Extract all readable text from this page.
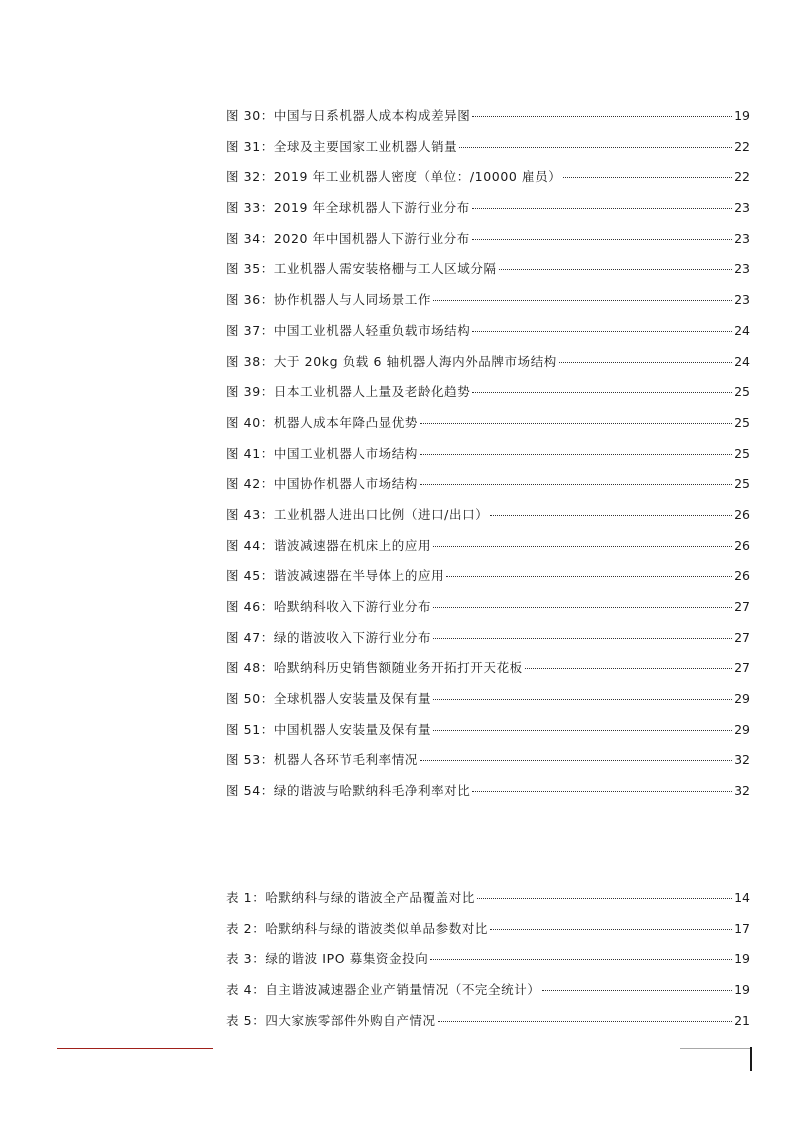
图 30：中国与日系机器人成本构成差异图	19
图 31：全球及主要国家工业机器人销量	22
图 32：2019 年工业机器人密度（单位：/10000 雇员）	22
图 33：2019 年全球机器人下游行业分布	23
图 34：2020 年中国机器人下游行业分布	23
图 35：工业机器人需安装格栅与工人区域分隔	23
图 36：协作机器人与人同场景工作	23
图 37：中国工业机器人轻重负载市场结构	24
图 38：大于 20kg 负载 6 轴机器人海内外品牌市场结构	24
图 39：日本工业机器人上量及老龄化趋势	25
图 40：机器人成本年降凸显优势	25
图 41：中国工业机器人市场结构	25
图 42：中国协作机器人市场结构	25
图 43：工业机器人进出口比例（进口/出口）	26
图 44：谐波减速器在机床上的应用	26
图 45：谐波减速器在半导体上的应用	26
图 46：哈默纳科收入下游行业分布	27
图 47：绿的谐波收入下游行业分布	27
图 48：哈默纳科历史销售额随业务开拓打开天花板	27
图 50：全球机器人安装量及保有量	29
图 51：中国机器人安装量及保有量	29
图 53：机器人各环节毛利率情况	32
图 54：绿的谐波与哈默纳科毛净利率对比	32
表 1：哈默纳科与绿的谐波全产品覆盖对比	14
表 2：哈默纳科与绿的谐波类似单品参数对比	17
表 3：绿的谐波 IPO 募集资金投向	19
表 4：自主谐波减速器企业产销量情况（不完全统计）	19
表 5：四大家族零部件外购自产情况	21
